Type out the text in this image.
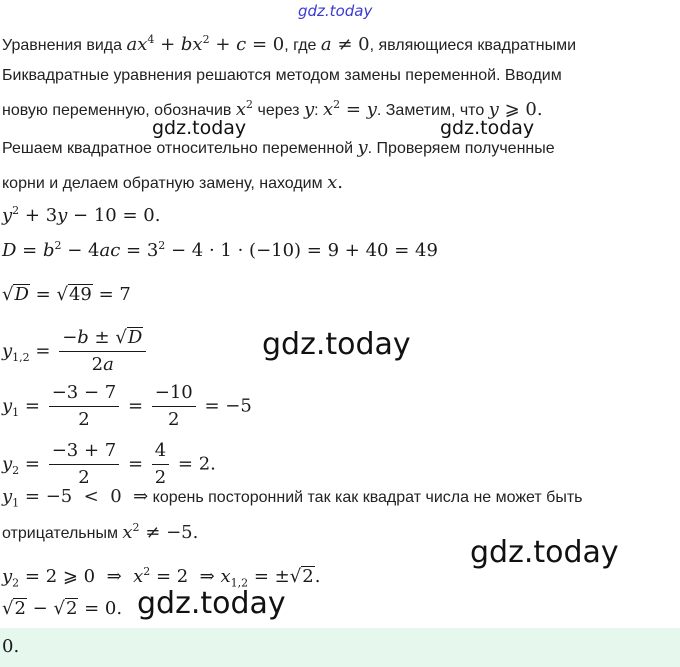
gdz.today
Уравнения вида $ax^4 + bx^2 + c = 0$, где a ≠ 0, являющиеся квадратными
Биквадратные уравнения решаются методом замены переменной. Вводим
новую переменную, обозначив $x^2$ через y: $x^2 = y$. Заметим, что y ⩾ 0.
gdz.today	gdz.today
Решаем квадратное относительно переменной y. Проверяем полученные
корни и делаем обратную замену, находим x.
$y^2 + 3y - 10 = 0$.
$D = b^2 - 4ac = 3^2 - 4 \cdot 1 \cdot (-10) = 9 + 40 = 49$
√D = √49 = 7
$y_{1,2} = \frac{-b \pm √D}{2a}$	gdz.today
$y_1 = \frac{-3 - 7}{2} = \frac{-10}{2} = -5$
$y_2 = \frac{-3 + 7}{2} = \frac{4}{2} = 2$.
$y_1 = -5 < 0$  ⇒ корень посторонний так как квадрат числа не может быть
отрицательным $x^2 \ne -5$.
gdz.today
$y_2 = 2$ ⩾ 0  ⇒  $x^2 = 2$  ⇒ $x_{1,2} = \pm√2$.
√2 − √2 = 0. gdz.today
0.
